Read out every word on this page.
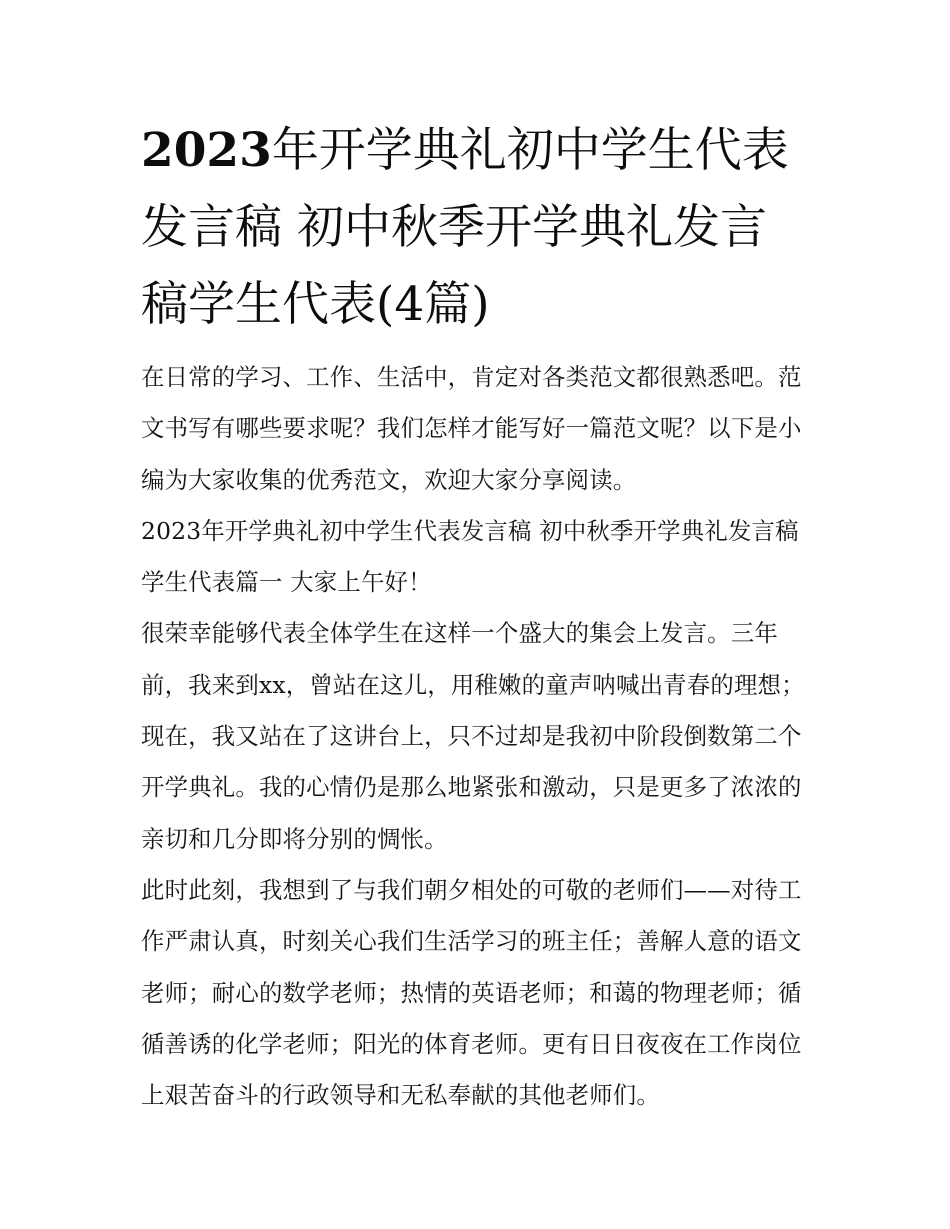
2023年开学典礼初中学生代表发言稿 初中秋季开学典礼发言稿学生代表(4篇)

在日常的学习、工作、生活中，肯定对各类范文都很熟悉吧。范文书写有哪些要求呢？我们怎样才能写好一篇范文呢？以下是小编为大家收集的优秀范文，欢迎大家分享阅读。

2023年开学典礼初中学生代表发言稿 初中秋季开学典礼发言稿学生代表篇一 大家上午好！

很荣幸能够代表全体学生在这样一个盛大的集会上发言。三年前，我来到xx，曾站在这儿，用稚嫩的童声呐喊出青春的理想；现在，我又站在了这讲台上，只不过却是我初中阶段倒数第二个开学典礼。我的心情仍是那么地紧张和激动，只是更多了浓浓的亲切和几分即将分别的惆怅。

此时此刻，我想到了与我们朝夕相处的可敬的老师们——对待工作严肃认真，时刻关心我们生活学习的班主任；善解人意的语文老师；耐心的数学老师；热情的英语老师；和蔼的物理老师；循循善诱的化学老师；阳光的体育老师。更有日日夜夜在工作岗位上艰苦奋斗的行政领导和无私奉献的其他老师们。
